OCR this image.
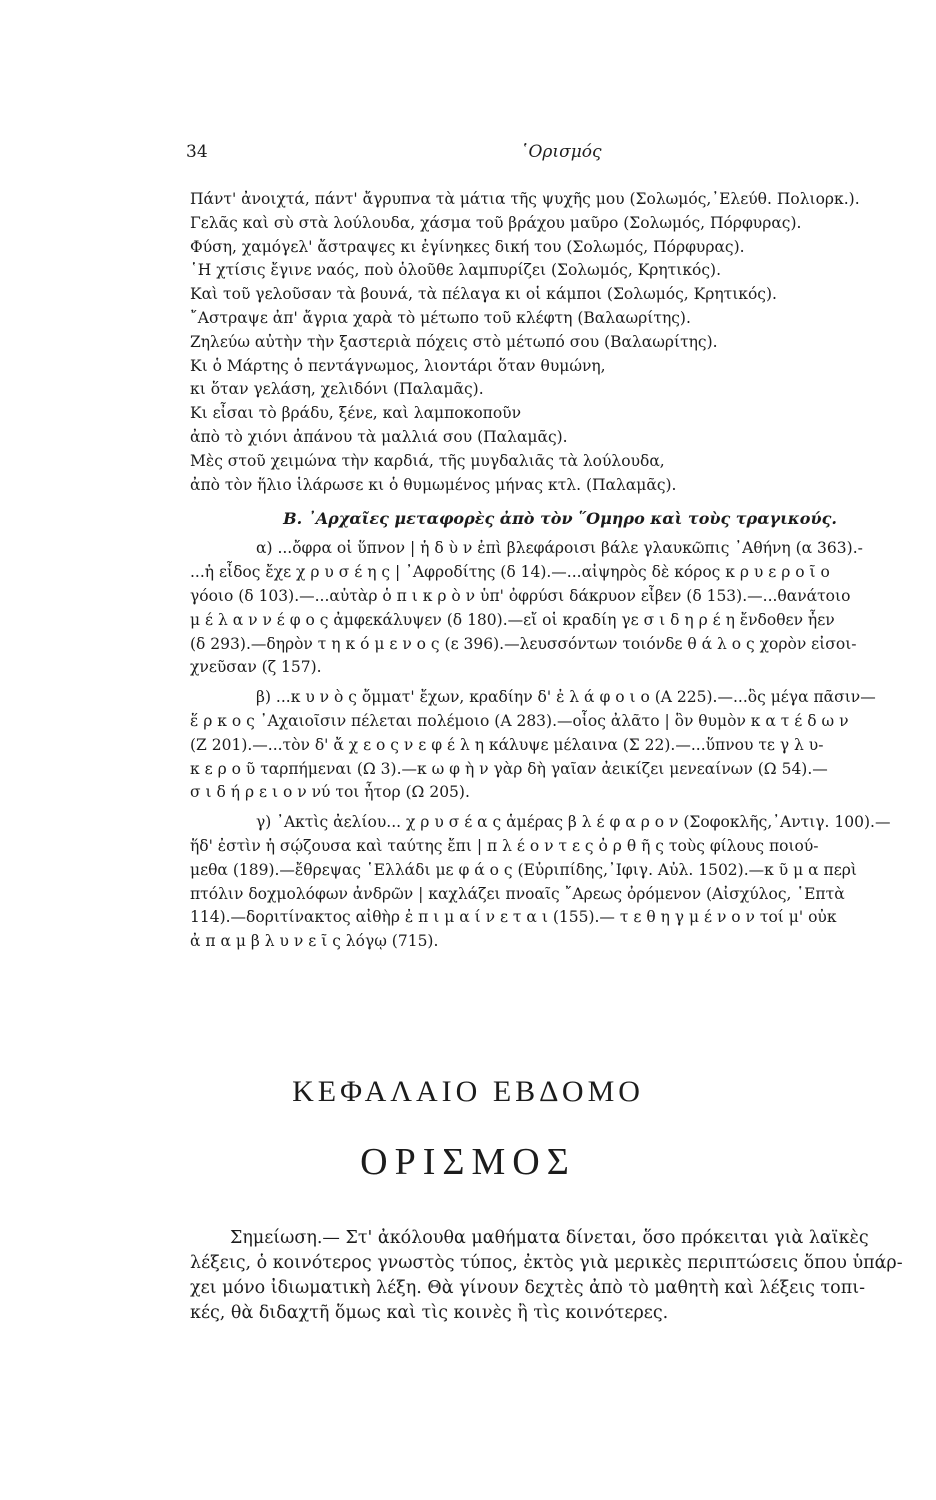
34	῾Ορισμός
Πάντ' ἀνοιχτά, πάντ' ἄγρυπνα τὰ μάτια τῆς ψυχῆς μου (Σολωμός,᾿Ελεύθ. Πολιορκ.).
Γελᾶς καὶ σὺ στὰ λούλουδα, χάσμα τοῦ βράχου μαῦρο (Σολωμός, Πόρφυρας).
Φύση, χαμόγελ' ἄστραψες κι ἐγίνηκες δική του (Σολωμός, Πόρφυρας).
῾Η χτίσις ἔγινε ναός, ποὺ ὁλοῦθε λαμπυρίζει (Σολωμός, Κρητικός).
Καὶ τοῦ γελοῦσαν τὰ βουνά, τὰ πέλαγα κι οἱ κάμποι (Σολωμός, Κρητικός).
῎Αστραψε ἀπ' ἄγρια χαρὰ τὸ μέτωπο τοῦ κλέφτη (Βαλαωρίτης).
Ζηλεύω αὐτὴν τὴν ξαστεριὰ πόχεις στὸ μέτωπό σου (Βαλαωρίτης).
Κι ὁ Μάρτης ὁ πεντάγνωμος, λιοντάρι ὅταν θυμώνη,
κι ὅταν γελάση, χελιδόνι (Παλαμᾶς).
Κι εἶσαι τὸ βράδυ, ξένε, καὶ λαμποκοποῦν
ἀπὸ τὸ χιόνι ἀπάνου τὰ μαλλιά σου (Παλαμᾶς).
Μὲς στοῦ χειμώνα τὴν καρδιά, τῆς μυγδαλιᾶς τὰ λούλουδα,
ἀπὸ τὸν ἥλιο ἱλάρωσε κι ὁ θυμωμένος μήνας κτλ. (Παλαμᾶς).
Β. ᾿Αρχαῖες μεταφορὲς ἀπὸ τὸν ῞Ομηρο καὶ τοὺς τραγικούς.
α) ...ὄφρα οἱ ὕπνον | ἡ δ ὺ ν ἐπὶ βλεφάροισι βάλε γλαυκῶπις ᾿Αθήνη (α 363).-
...ἡ εἶδος ἔχε χ ρ υ σ έ η ς | ᾿Αφροδίτης (δ 14).—...αἰψηρὸς δὲ κόρος κ ρ υ ε ρ ο ῖ ο
γόοιο (δ 103).—...αὐτὰρ ὁ π ι κ ρ ὸ ν ὑπ' ὀφρύσι δάκρυον εἶβεν (δ 153).—...θανάτοιο
μ έ λ α ν ν έ φ ο ς ἀμφεκάλυψεν (δ 180).—εἴ οἱ κραδίη γε σ ι δ η ρ έ η ἔνδοθεν ἦεν
(δ 293).—δηρὸν τ η κ ό μ ε ν ο ς (ε 396).—λευσσόντων τοιόνδε θ ά λ ο ς χορὸν εἰσοι-
χνεῦσαν (ζ 157).
β) ...κ υ ν ὸ ς ὄμματ' ἔχων, κραδίην δ' ἐ λ ά φ ο ι ο (Α 225).—...ὃς μέγα πᾶσιν—
ἕ ρ κ ο ς ᾿Αχαιοῖσιν πέλεται πολέμοιο (Α 283).—οἷος ἀλᾶτο | ὃν θυμὸν κ α τ έ δ ω ν
(Ζ 201).—...τὸν δ' ἄ χ ε ο ς ν ε φ έ λ η κάλυψε μέλαινα (Σ 22).—...ὕπνου τε γ λ υ-
κ ε ρ ο ῦ ταρπήμεναι (Ω 3).—κ ω φ ὴ ν γὰρ δὴ γαῖαν ἀεικίζει μενεαίνων (Ω 54).—
σ ι δ ή ρ ε ι ο ν νύ τοι ἦτορ (Ω 205).
γ) ᾿Ακτὶς ἀελίου... χ ρ υ σ έ α ς ἁμέρας β λ έ φ α ρ ο ν (Σοφοκλῆς,᾿Αντιγ. 100).—
ἥδ' ἐστὶν ἡ σῴζουσα καὶ ταύτης ἔπι | π λ έ ο ν τ ε ς ὀ ρ θ ῆ ς τοὺς φίλους ποιού-
μεθα (189).—ἔθρεψας ῾Ελλάδι με φ ά ο ς (Εὐριπίδης,᾿Ιφιγ. Αὐλ. 1502).—κ ῦ μ α περὶ
πτόλιν δοχμολόφων ἀνδρῶν | καχλάζει πνοαῖς ῎Αρεως ὀρόμενον (Αἰσχύλος, ῾Επτὰ
114).—δοριτίνακτος αἰθὴρ ἐ π ι μ α ί ν ε τ α ι (155).— τ ε θ η γ μ έ ν ο ν τοί μ' οὐκ
ἀ π α μ β λ υ ν ε ῖ ς λόγῳ (715).
ΚΕΦΑΛΑΙΟ ΕΒΔΟΜΟ
ΟΡΙΣΜΟΣ
Σημείωση.— Στ' ἀκόλουθα μαθήματα δίνεται, ὅσο πρόκειται γιὰ λαϊκὲς
λέξεις, ὁ κοινότερος γνωστὸς τύπος, ἐκτὸς γιὰ μερικὲς περιπτώσεις ὅπου ὑπάρ-
χει μόνο ἰδιωματικὴ λέξη. Θὰ γίνουν δεχτὲς ἀπὸ τὸ μαθητὴ καὶ λέξεις τοπι-
κές, θὰ διδαχτῆ ὅμως καὶ τὶς κοινὲς ἢ τὶς κοινότερες.
